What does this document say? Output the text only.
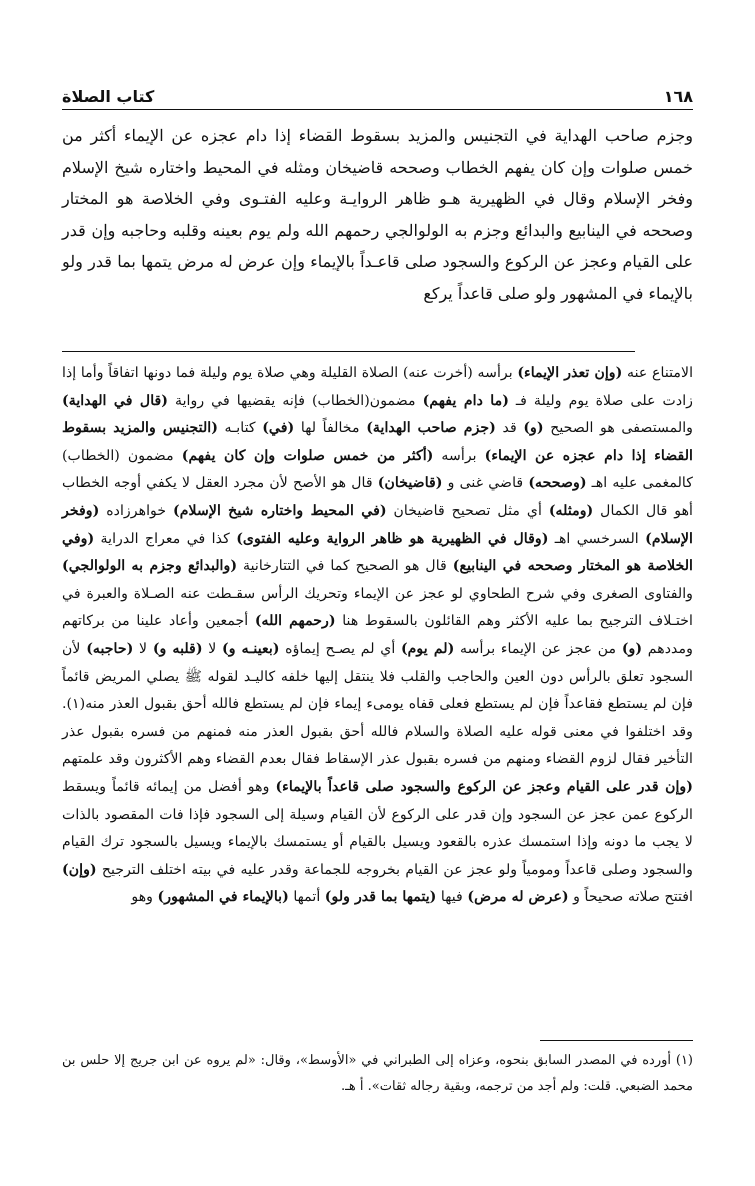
١٦٨
كتاب الصلاة

وجزم صاحب الهداية في التجنيس والمزيد بسقوط القضاء إذا دام عجزه عن الإيماء أكثر من خمس صلوات وإن كان يفهم الخطاب وصححه قاضيخان ومثله في المحيط واختاره شيخ الإسلام وفخر الإسلام وقال في الظهيرية هـو ظاهر الروايـة وعليه الفتـوى وفي الخلاصة هو المختار وصححه في الينابيع والبدائع وجزم به الولوالجي رحمهم الله ولم يوم بعينه وقلبه وحاجبه وإن قدر على القيام وعجز عن الركوع والسجود صلى قاعـداً بالإيماء وإن عرض له مرض يتمها بما قدر ولو بالإيماء في المشهور ولو صلى قاعداً يركع

الامتناع عنه (وإن تعذر الإيماء) برأسه (أخرت عنه) الصلاة القليلة وهي صلاة يوم وليلة فما دونها اتفاقاً وأما إذا زادت على صلاة يوم وليلة فـ (ما دام يفهم) مضمون(الخطاب) فإنه يقضيها في رواية (قال في الهداية) والمستصفى هو الصحيح (و) قد (جزم صاحب الهداية) مخالفاً لها (في) كتابـه (التجنيس والمزيد بسقوط القضاء إذا دام عجزه عن الإيماء) برأسه (أكثر من خمس صلوات وإن كان يفهم) مضمون (الخطاب) كالمغمى عليه اهـ (وصححه) قاضي غنى و (قاضيخان) قال هو الأصح لأن مجرد العقل لا يكفي أوجه الخطاب أهو قال الكمال (ومثله) أي مثل تصحيح قاضيخان (في المحيط واختاره شيخ الإسلام) خواهرزاده (وفخر الإسلام) السرخسي اهـ (وقال في الظهيرية هو ظاهر الرواية وعليه الفتوى) كذا في معراج الدراية (وفي الخلاصة هو المختار وصححه في الينابيع) قال هو الصحيح كما في التتارخانية (والبدائع وجزم به الولوالجي) والفتاوى الصغرى وفي شرح الطحاوي لو عجز عن الإيماء وتحريك الرأس سقـطت عنه الصـلاة والعبرة في اختـلاف الترجيح بما عليه الأكثر وهم القائلون بالسقوط هنا (رحمهم الله) أجمعين وأعاد علينا من بركاتهم ومددهم (و) من عجز عن الإيماء برأسه (لم يوم) أي لم يصـح إيماؤه (بعينـه و) لا (قلبه و) لا (حاجبه) لأن السجود تعلق بالرأس دون العين والحاجب والقلب فلا ينتقل إليها خلفه كاليـد لقوله ﷺ يصلي المريض قائماً فإن لم يستطع فقاعداً فإن لم يستطع فعلى قفاه يومىء إيماء فإن لم يستطع فالله أحق بقبول العذر منه(١). وقد اختلفوا في معنى قوله عليه الصلاة والسلام فالله أحق بقبول العذر منه فمنهم من فسره بقبول عذر التأخير فقال لزوم القضاء ومنهم من فسره بقبول عذر الإسقاط فقال بعدم القضاء وهم الأكثرون وقد علمتهم (وإن قدر على القيام وعجز عن الركوع والسجود صلى قاعداً بالإيماء) وهو أفضل من إيمائه قائماً ويسقط الركوع عمن عجز عن السجود وإن قدر على الركوع لأن القيام وسيلة إلى السجود فإذا فات المقصود بالذات لا يجب ما دونه وإذا استمسك عذره بالقعود ويسيل بالقيام أو يستمسك بالإيماء ويسيل بالسجود ترك القيام والسجود وصلى قاعداً ومومياً ولو عجز عن القيام بخروجه للجماعة وقدر عليه في بيته اختلف الترجيح (وإن) افتتح صلاته صحيحاً و (عرض له مرض) فيها (يتمها بما قدر ولو) أتمها (بالإيماء في المشهور) وهو

(١) أورده في المصدر السابق بنحوه، وعزاه إلى الطبراني في «الأوسط»، وقال: «لم يروه عن ابن جريج إلا حلس بن محمد الضبعي. قلت: ولم أجد من ترجمه، وبقية رجاله ثقات». أ هـ.
